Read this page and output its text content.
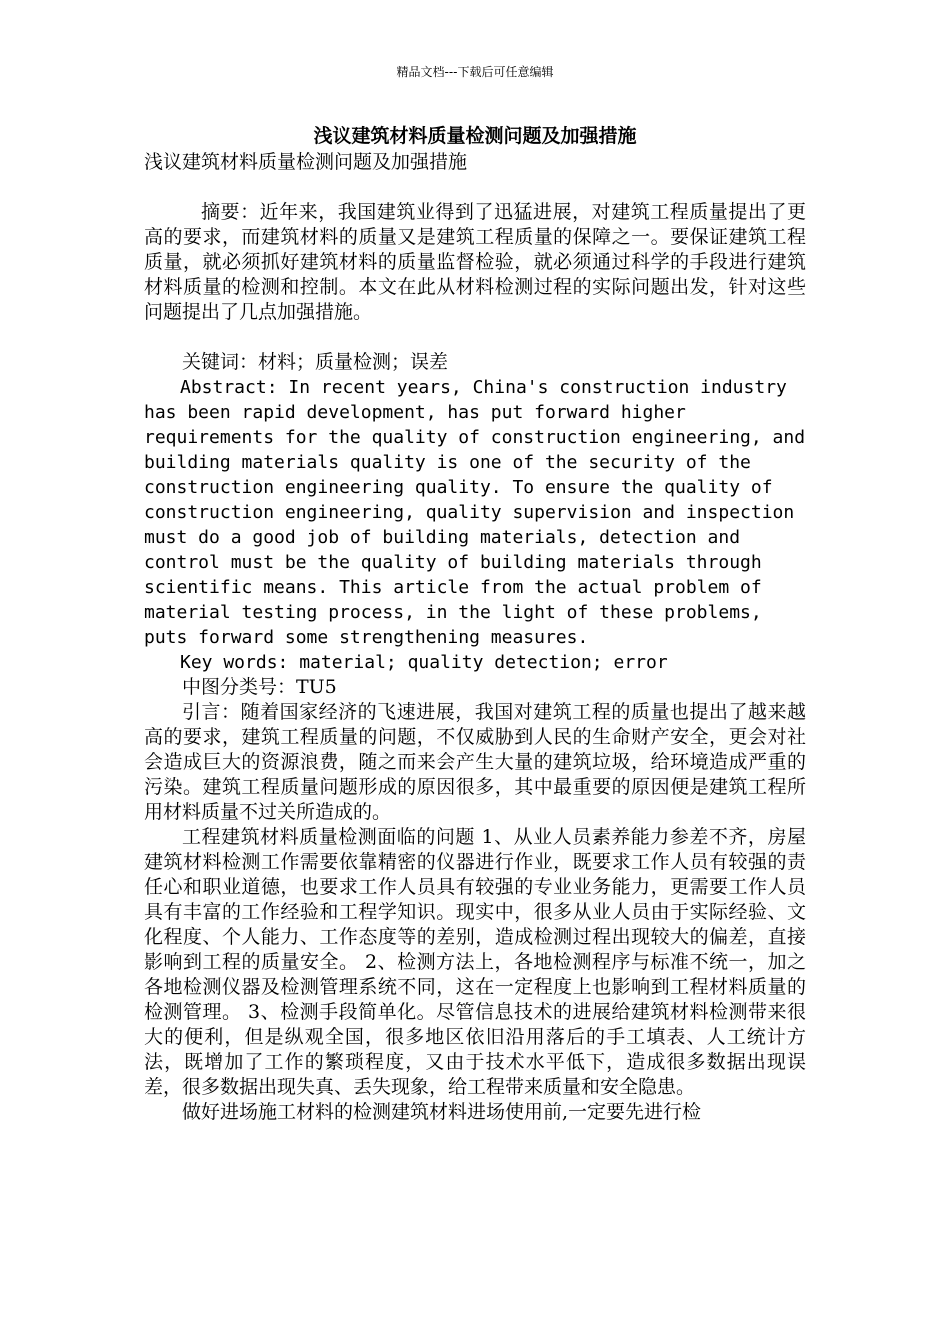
精品文档---下载后可任意编辑
浅议建筑材料质量检测问题及加强措施

浅议建筑材料质量检测问题及加强措施

摘要：近年来，我国建筑业得到了迅猛进展，对建筑工程质量提出了更高的要求，而建筑材料的质量又是建筑工程质量的保障之一。要保证建筑工程质量，就必须抓好建筑材料的质量监督检验，就必须通过科学的手段进行建筑材料质量的检测和控制。本文在此从材料检测过程的实际问题出发，针对这些问题提出了几点加强措施。

关键词：材料；质量检测；误差

Abstract: In recent years, China's construction industry has been rapid development, has put forward higher requirements for the quality of construction engineering, and building materials quality is one of the security of the construction engineering quality. To ensure the quality of construction engineering, quality supervision and inspection must do a good job of building materials, detection and control must be the quality of building materials through scientific means. This article from the actual problem of material testing process, in the light of these problems, puts forward some strengthening measures.

Key words: material; quality detection; error

中图分类号：TU5

引言：随着国家经济的飞速进展，我国对建筑工程的质量也提出了越来越高的要求，建筑工程质量的问题，不仅威胁到人民的生命财产安全，更会对社会造成巨大的资源浪费，随之而来会产生大量的建筑垃圾，给环境造成严重的污染。建筑工程质量问题形成的原因很多，其中最重要的原因便是建筑工程所用材料质量不过关所造成的。

工程建筑材料质量检测面临的问题 1、从业人员素养能力参差不齐，房屋建筑材料检测工作需要依靠精密的仪器进行作业，既要求工作人员有较强的责任心和职业道德，也要求工作人员具有较强的专业业务能力，更需要工作人员具有丰富的工作经验和工程学知识。现实中，很多从业人员由于实际经验、文化程度、个人能力、工作态度等的差别，造成检测过程出现较大的偏差，直接影响到工程的质量安全。 2、检测方法上，各地检测程序与标准不统一，加之各地检测仪器及检测管理系统不同，这在一定程度上也影响到工程材料质量的检测管理。 3、检测手段简单化。尽管信息技术的进展给建筑材料检测带来很大的便利，但是纵观全国，很多地区依旧沿用落后的手工填表、人工统计方法，既增加了工作的繁琐程度，又由于技术水平低下，造成很多数据出现误差，很多数据出现失真、丢失现象，给工程带来质量和安全隐患。

做好进场施工材料的检测建筑材料进场使用前,一定要先进行检
